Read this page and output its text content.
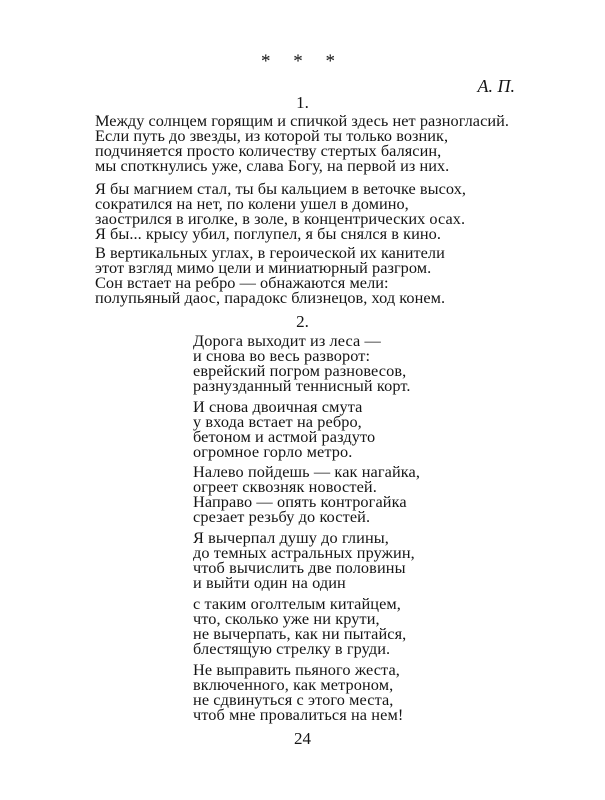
* * *
А. П.
1.
Между солнцем горящим и спичкой здесь нет разногласий.
Если путь до звезды, из которой ты только возник,
подчиняется просто количеству стертых балясин,
мы споткнулись уже, слава Богу, на первой из них.
Я бы магнием стал, ты бы кальцием в веточке высох,
сократился на нет, по колени ушел в домино,
заострился в иголке, в золе, в концентрических осах.
Я бы... крысу убил, поглупел, я бы снялся в кино.
В вертикальных углах, в героической их канители
этот взгляд мимо цели и миниатюрный разгром.
Сон встает на ребро — обнажаются мели:
полупьяный даос, парадокс близнецов, ход конем.
2.
Дорога выходит из леса —
и снова во весь разворот:
еврейский погром разновесов,
разнузданный теннисный корт.
И снова двоичная смута
у входа встает на ребро,
бетоном и астмой раздуто
огромное горло метро.
Налево пойдешь — как нагайка,
огреет сквозняк новостей.
Направо — опять контрогайка
срезает резьбу до костей.
Я вычерпал душу до глины,
до темных астральных пружин,
чтоб вычислить две половины
и выйти один на один
с таким оголтелым китайцем,
что, сколько уже ни крути,
не вычерпать, как ни пытайся,
блестящую стрелку в груди.
Не выправить пьяного жеста,
включенного, как метроном,
не сдвинуться с этого места,
чтоб мне провалиться на нем!
24
